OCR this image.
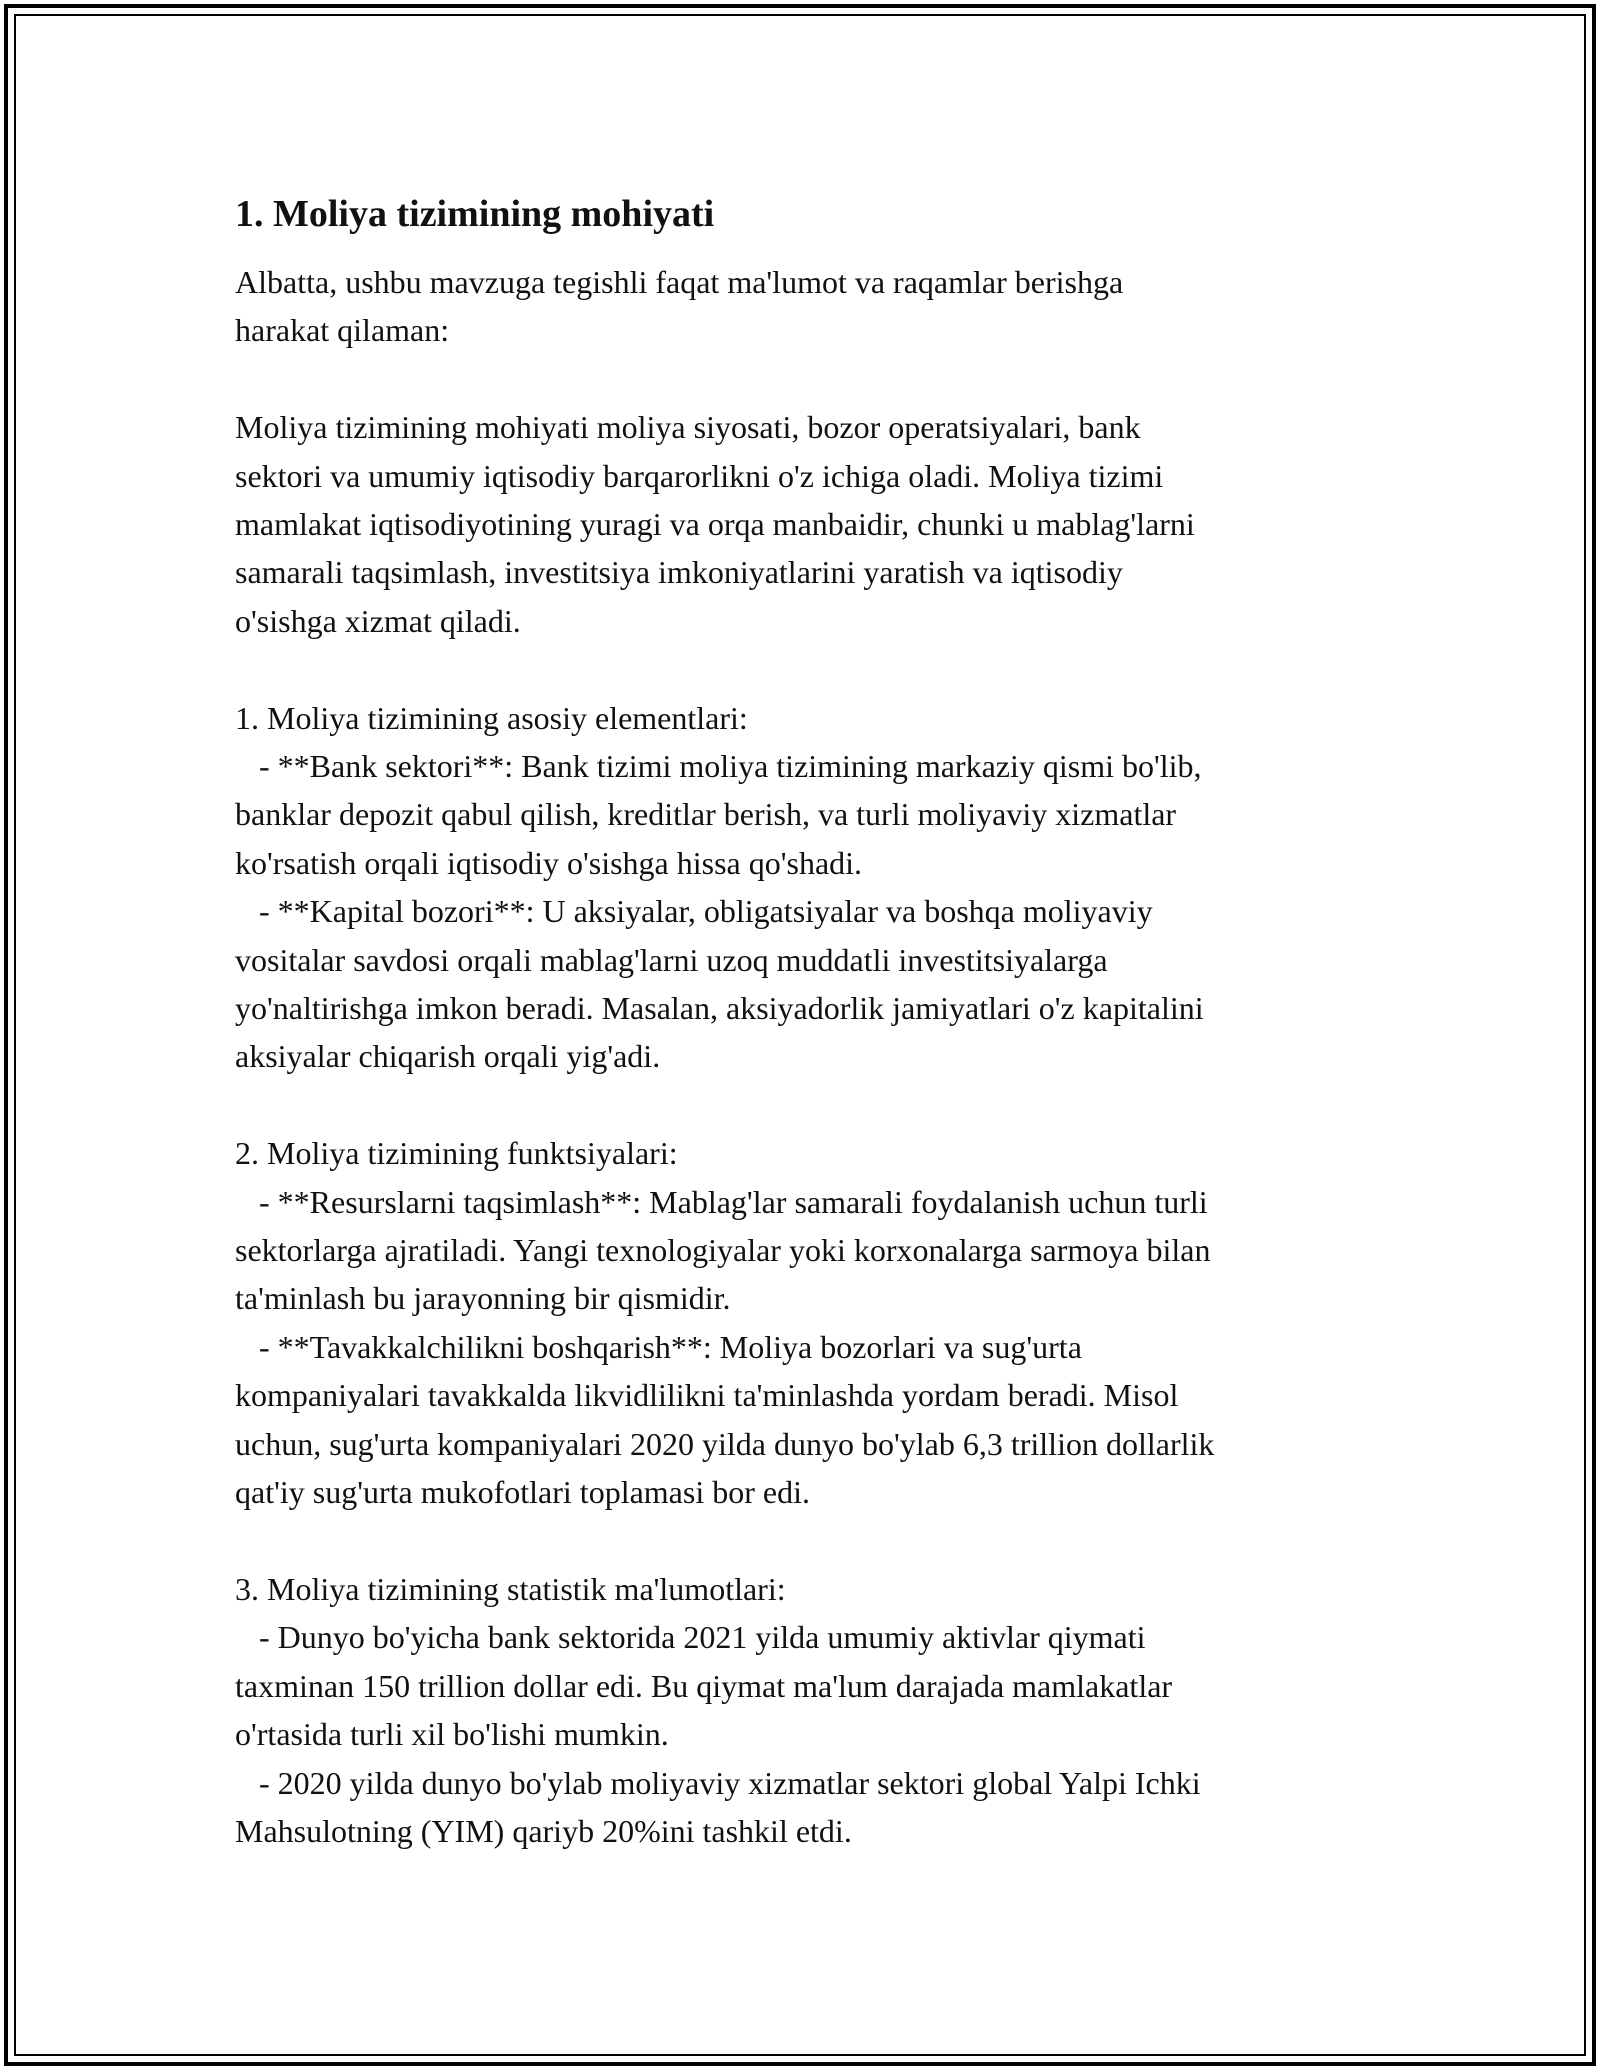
1. Moliya tizimining mohiyati

Albatta, ushbu mavzuga tegishli faqat ma'lumot va raqamlar berishga
harakat qilaman:

Moliya tizimining mohiyati moliya siyosati, bozor operatsiyalari, bank
sektori va umumiy iqtisodiy barqarorlikni o'z ichiga oladi. Moliya tizimi
mamlakat iqtisodiyotining yuragi va orqa manbaidir, chunki u mablag'larni
samarali taqsimlash, investitsiya imkoniyatlarini yaratish va iqtisodiy
o'sishga xizmat qiladi.

1. Moliya tizimining asosiy elementlari:
- **Bank sektori**: Bank tizimi moliya tizimining markaziy qismi bo'lib,
banklar depozit qabul qilish, kreditlar berish, va turli moliyaviy xizmatlar
ko'rsatish orqali iqtisodiy o'sishga hissa qo'shadi.
- **Kapital bozori**: U aksiyalar, obligatsiyalar va boshqa moliyaviy
vositalar savdosi orqali mablag'larni uzoq muddatli investitsiyalarga
yo'naltirishga imkon beradi. Masalan, aksiyadorlik jamiyatlari o'z kapitalini
aksiyalar chiqarish orqali yig'adi.

2. Moliya tizimining funktsiyalari:
- **Resurslarni taqsimlash**: Mablag'lar samarali foydalanish uchun turli
sektorlarga ajratiladi. Yangi texnologiyalar yoki korxonalarga sarmoya bilan
ta'minlash bu jarayonning bir qismidir.
- **Tavakkalchilikni boshqarish**: Moliya bozorlari va sug'urta
kompaniyalari tavakkalda likvidlilikni ta'minlashda yordam beradi. Misol
uchun, sug'urta kompaniyalari 2020 yilda dunyo bo'ylab 6,3 trillion dollarlik
qat'iy sug'urta mukofotlari toplamasi bor edi.

3. Moliya tizimining statistik ma'lumotlari:
- Dunyo bo'yicha bank sektorida 2021 yilda umumiy aktivlar qiymati
taxminan 150 trillion dollar edi. Bu qiymat ma'lum darajada mamlakatlar
o'rtasida turli xil bo'lishi mumkin.
- 2020 yilda dunyo bo'ylab moliyaviy xizmatlar sektori global Yalpi Ichki
Mahsulotning (YIM) qariyb 20%ini tashkil etdi.
